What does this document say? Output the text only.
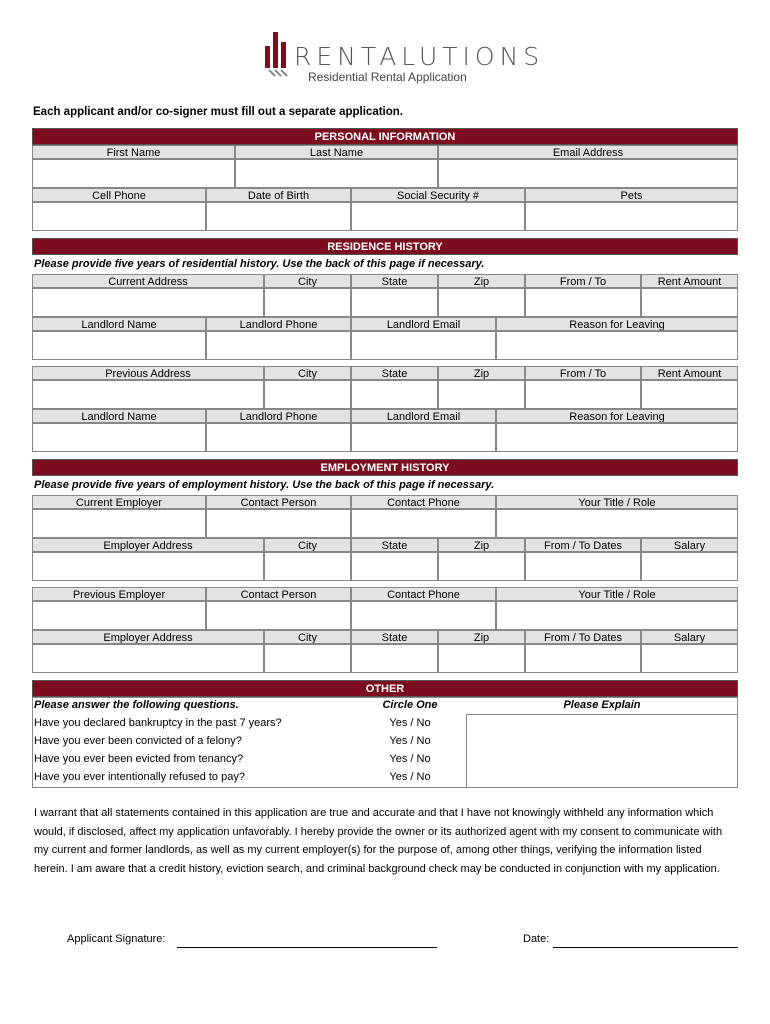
RENTALUTIONS
Residential Rental Application
Each applicant and/or co-signer must fill out a separate application.
PERSONAL INFORMATION
First Name	Last Name	Email Address
Cell Phone	Date of Birth	Social Security #	Pets
RESIDENCE HISTORY
Please provide five years of residential history. Use the back of this page if necessary.
Current Address	City	State	Zip	From / To	Rent Amount
Landlord Name	Landlord Phone	Landlord Email	Reason for Leaving
Previous Address	City	State	Zip	From / To	Rent Amount
Landlord Name	Landlord Phone	Landlord Email	Reason for Leaving
EMPLOYMENT HISTORY
Please provide five years of employment history. Use the back of this page if necessary.
Current Employer	Contact Person	Contact Phone	Your Title / Role
Employer Address	City	State	Zip	From / To Dates	Salary
Previous Employer	Contact Person	Contact Phone	Your Title / Role
Employer Address	City	State	Zip	From / To Dates	Salary
OTHER
Please answer the following questions.	Circle One	Please Explain
Have you declared bankruptcy in the past 7 years?	Yes / No
Have you ever been convicted of a felony?	Yes / No
Have you ever been evicted from tenancy?	Yes / No
Have you ever intentionally refused to pay?	Yes / No
I warrant that all statements contained in this application are true and accurate and that I have not knowingly withheld any information which would, if disclosed, affect my application unfavorably. I hereby provide the owner or its authorized agent with my consent to communicate with my current and former landlords, as well as my current employer(s) for the purpose of, among other things, verifying the information listed herein. I am aware that a credit history, eviction search, and criminal background check may be conducted in conjunction with my application.
Applicant Signature:	Date:
